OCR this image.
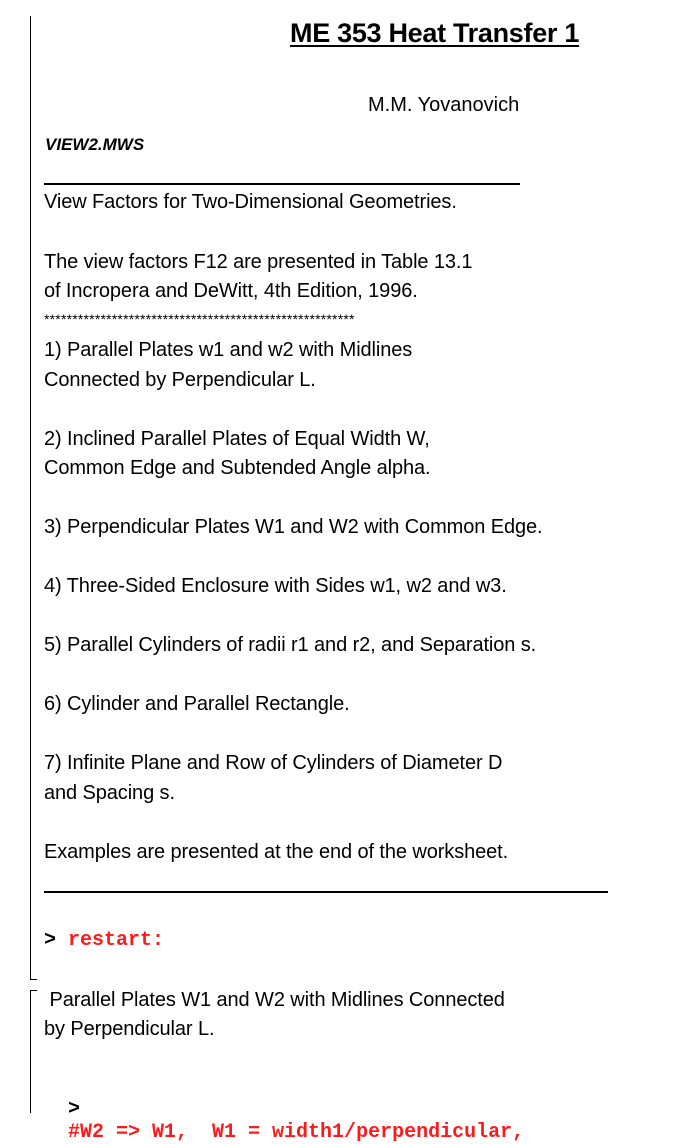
ME 353 Heat Transfer 1
M.M. Yovanovich
VIEW2.MWS
View Factors for Two-Dimensional Geometries.
The view factors F12 are presented in Table 13.1
of Incropera and DeWitt, 4th Edition, 1996.
*******************************************************
1) Parallel Plates w1 and w2 with Midlines
Connected by Perpendicular L.
2) Inclined Parallel Plates of Equal Width W,
Common Edge and Subtended Angle alpha.
3) Perpendicular Plates W1 and W2 with Common Edge.
4) Three-Sided Enclosure with Sides w1, w2 and w3.
5) Parallel Cylinders of radii r1 and r2, and Separation s.
6) Cylinder and Parallel Rectangle.
7) Infinite Plane and Row of Cylinders of Diameter D
and Spacing s.
Examples are presented at the end of the worksheet.
> restart:
Parallel Plates W1 and W2 with Midlines Connected
by Perpendicular L.

>
#W2 => W1,  W1 = width1/perpendicular,
